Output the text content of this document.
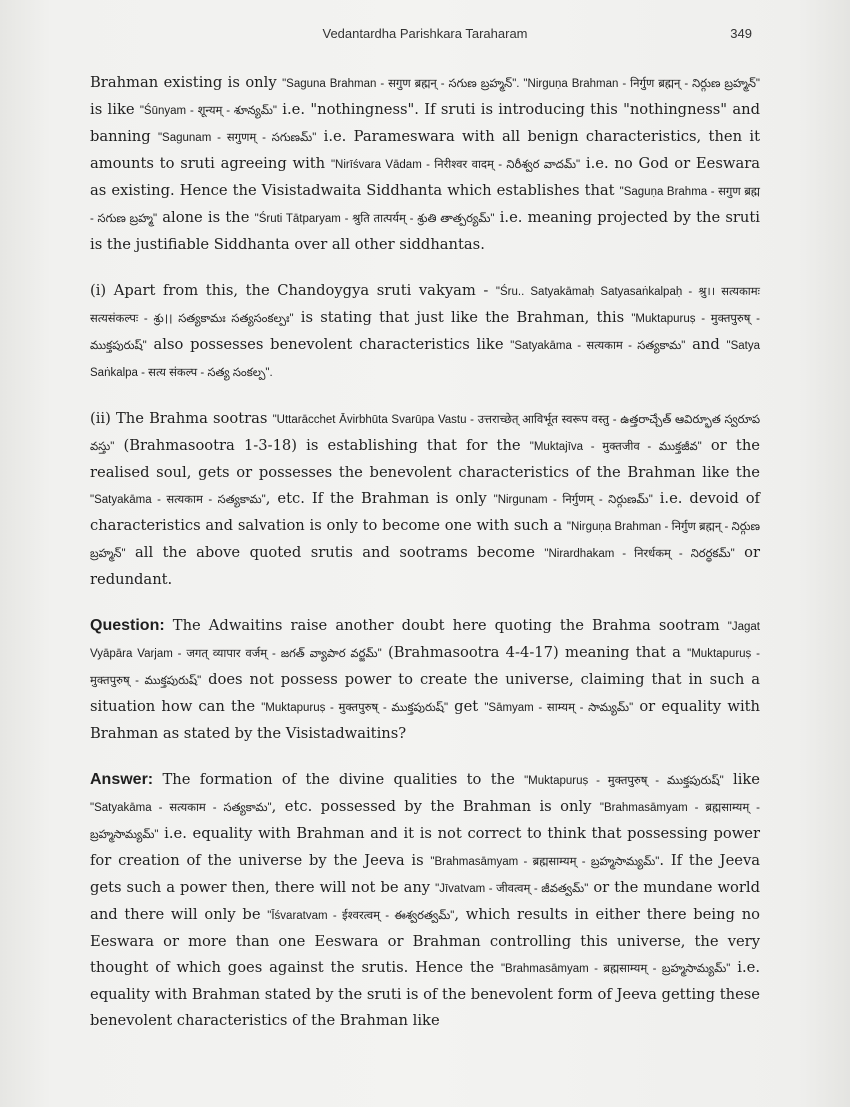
Vedantardha Parishkara Taraharam	349

Brahman existing is only "Saguna Brahman - सगुण ब्रह्मन् - సగుణ బ్రహ్మన్". "Nirguṇa Brahman - निर्गुण ब्रह्मन् - నిర్గుణ బ్రహ్మన్" is like "Śūnyam - शून्यम् - శూన్యమ్" i.e. "nothingness". If sruti is introducing this "nothingness" and banning "Sagunam - सगुणम् - సగుణమ్" i.e. Parameswara with all benign characteristics, then it amounts to sruti agreeing with "Nirīśvara Vādam - निरीश्वर वादम् - నిరీశ్వర వాదమ్" i.e. no God or Eeswara as existing. Hence the Visistadwaita Siddhanta which establishes that "Saguṇa Brahma - सगुण ब्रह्म - సగుణ బ్రహ్మ" alone is the "Śruti Tātparyam - श्रुति तात्पर्यम् - శ్రుతి తాత్పర్యమ్" i.e. meaning projected by the sruti is the justifiable Siddhanta over all other siddhantas.

(i) Apart from this, the Chandoygya sruti vakyam - "Śru.. Satyakāmaḥ Satyasaṅkalpaḥ - श्रु।। सत्यकामः सत्यसंकल्पः - శ్రు।। సత్యకామః సత్యసంకల్పః" is stating that just like the Brahman, this "Muktapuruṣ - मुक्तपुरुष् - ముక్తపురుష్" also possesses benevolent characteristics like "Satyakāma - सत्यकाम - సత్యకామ" and "Satya Saṅkalpa - सत्य संकल्प - సత్య సంకల్ప".

(ii) The Brahma sootras "Uttarācchet Āvirbhūta Svarūpa Vastu - उत्तराच्छेत् आविर्भूत स्वरूप वस्तु - ఉత్తరాచ్చేత్ ఆవిర్భూత స్వరూప వస్తు" (Brahmasootra 1-3-18) is establishing that for the "Muktajīva - मुक्तजीव - ముక్తజీవ" or the realised soul, gets or possesses the benevolent characteristics of the Brahman like the "Satyakāma - सत्यकाम - సత్యకామ", etc. If the Brahman is only "Nirgunam - निर्गुणम् - నిర్గుణమ్" i.e. devoid of characteristics and salvation is only to become one with such a "Nirguṇa Brahman - निर्गुण ब्रह्मन् - నిర్గుణ బ్రహ్మన్" all the above quoted srutis and sootrams become "Nirardhakam - निरर्धकम् - నిరర్ధకమ్" or redundant.

Question: The Adwaitins raise another doubt here quoting the Brahma sootram "Jagat Vyāpāra Varjam - जगत् व्यापार वर्जम् - జగత్ వ్యాపార వర్జమ్" (Brahmasootra 4-4-17) meaning that a "Muktapuruṣ - मुक्तपुरुष् - ముక్తపురుష్" does not possess power to create the universe, claiming that in such a situation how can the "Muktapuruṣ - मुक्तपुरुष् - ముక్తపురుష్" get "Sāmyam - साम्यम् - సామ్యమ్" or equality with Brahman as stated by the Visistadwaitins?

Answer: The formation of the divine qualities to the "Muktapuruṣ - मुक्तपुरुष् - ముక్తపురుష్" like "Satyakāma - सत्यकाम - సత్యకామ", etc. possessed by the Brahman is only "Brahmasāmyam - ब्रह्मसाम्यम् - బ్రహ్మసామ్యమ్" i.e. equality with Brahman and it is not correct to think that possessing power for creation of the universe by the Jeeva is "Brahmasāmyam - ब्रह्मसाम्यम् - బ్రహ్మసామ్యమ్". If the Jeeva gets such a power then, there will not be any "Jīvatvam - जीवत्वम् - జీవత్వమ్" or the mundane world and there will only be "Īśvaratvam - ईश्वरत्वम् - ఈశ్వరత్వమ్", which results in either there being no Eeswara or more than one Eeswara or Brahman controlling this universe, the very thought of which goes against the srutis. Hence the "Brahmasāmyam - ब्रह्मसाम्यम् - బ్రహ్మసామ్యమ్" i.e. equality with Brahman stated by the sruti is of the benevolent form of Jeeva getting these benevolent characteristics of the Brahman like
